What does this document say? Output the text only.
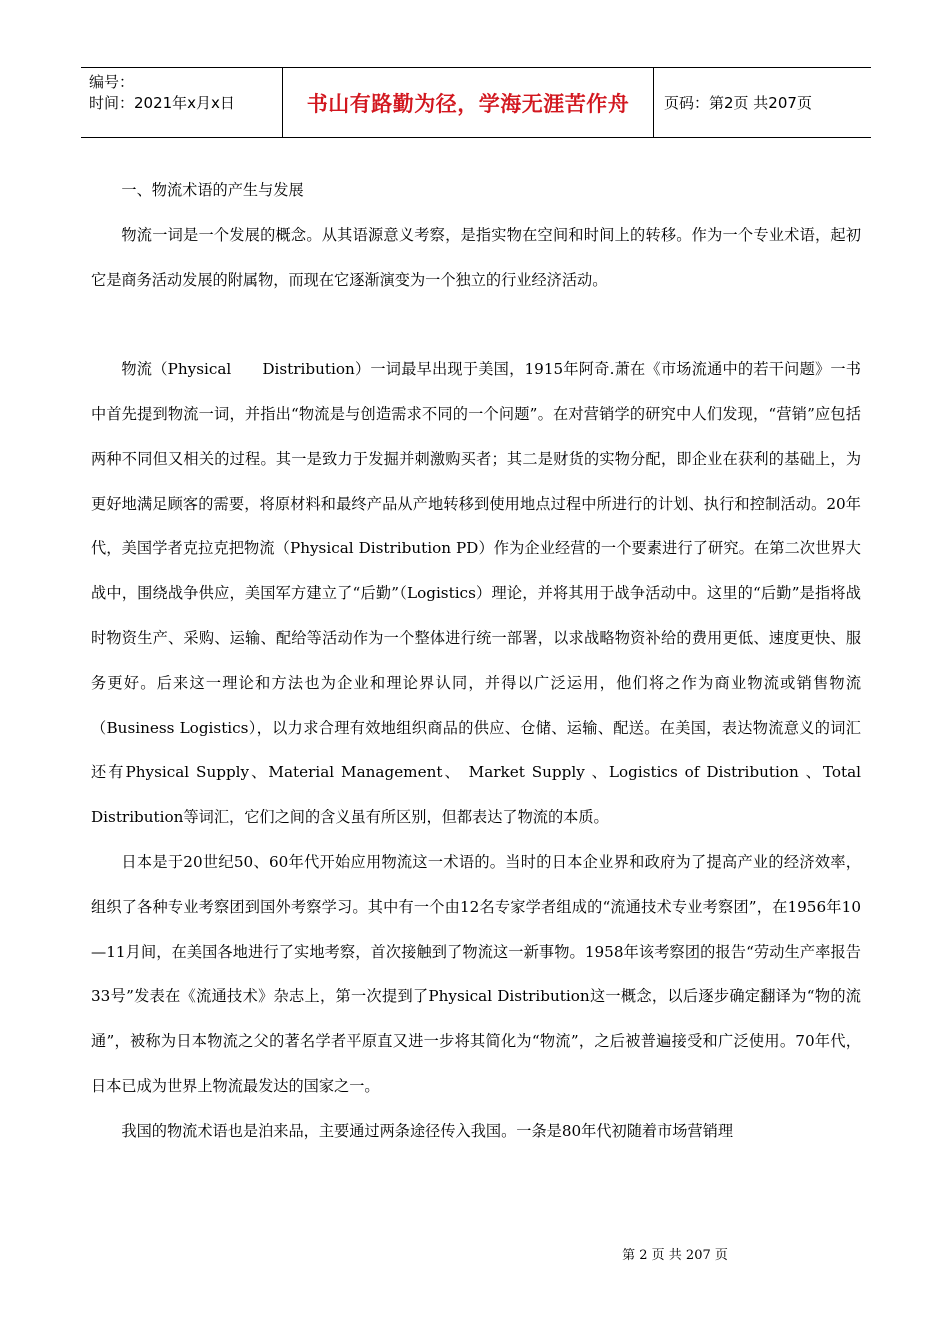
编号：
时间：2021年x月x日	书山有路勤为径，学海无涯苦作舟 页码：第2页 共207页

一、物流术语的产生与发展

物流一词是一个发展的概念。从其语源意义考察，是指实物在空间和时间上的转移。作为一个专业术语，起初它是商务活动发展的附属物，而现在它逐渐演变为一个独立的行业经济活动。

物流（Physical　　Distribution）一词最早出现于美国，1915年阿奇.萧在《市场流通中的若干问题》一书中首先提到物流一词，并指出“物流是与创造需求不同的一个问题”。在对营销学的研究中人们发现，“营销”应包括两种不同但又相关的过程。其一是致力于发掘并刺激购买者；其二是财货的实物分配，即企业在获利的基础上，为更好地满足顾客的需要，将原材料和最终产品从产地转移到使用地点过程中所进行的计划、执行和控制活动。20年代，美国学者克拉克把物流（Physical Distribution PD）作为企业经营的一个要素进行了研究。在第二次世界大战中，围绕战争供应，美国军方建立了“后勤”（Logistics）理论，并将其用于战争活动中。这里的“后勤”是指将战时物资生产、采购、运输、配给等活动作为一个整体进行统一部署，以求战略物资补给的费用更低、速度更快、服务更好。后来这一理论和方法也为企业和理论界认同，并得以广泛运用，他们将之作为商业物流或销售物流（Business Logistics），以力求合理有效地组织商品的供应、仓储、运输、配送。在美国，表达物流意义的词汇还有Physical Supply、Material Management、 Market Supply 、Logistics of Distribution 、Total Distribution等词汇，它们之间的含义虽有所区别，但都表达了物流的本质。

日本是于20世纪50、60年代开始应用物流这一术语的。当时的日本企业界和政府为了提高产业的经济效率，组织了各种专业考察团到国外考察学习。其中有一个由12名专家学者组成的“流通技术专业考察团”，在1956年10—11月间，在美国各地进行了实地考察，首次接触到了物流这一新事物。1958年该考察团的报告“劳动生产率报告33号”发表在《流通技术》杂志上，第一次提到了Physical Distribution这一概念，以后逐步确定翻译为“物的流通”，被称为日本物流之父的著名学者平原直又进一步将其简化为“物流”，之后被普遍接受和广泛使用。70年代，日本已成为世界上物流最发达的国家之一。

我国的物流术语也是泊来品，主要通过两条途径传入我国。一条是80年代初随着市场营销理

第 2 页 共 207 页
